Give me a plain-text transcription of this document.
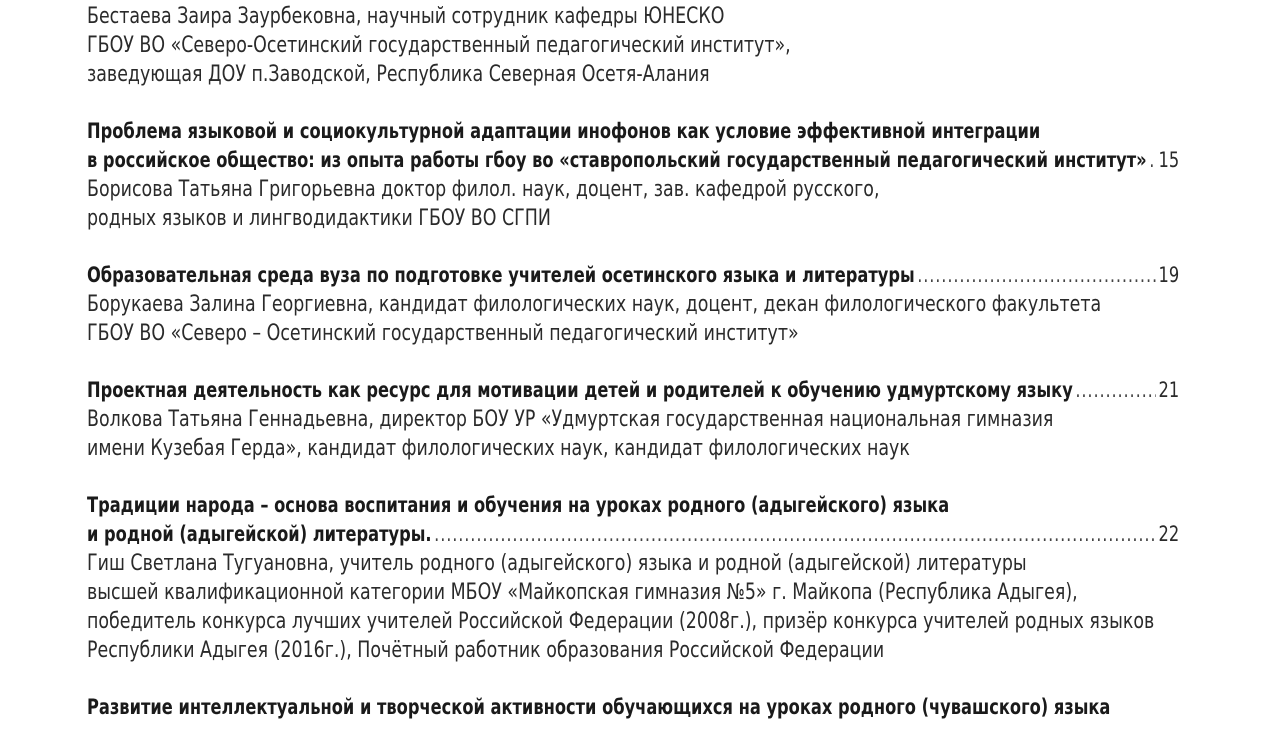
Бестаева Заира Заурбековна, научный сотрудник кафедры ЮНЕСКО
ГБОУ ВО «Северо-Осетинский государственный педагогический институт»,
заведующая ДОУ п.Заводской, Республика Северная Осетя-Алания
Проблема языковой и социокультурной адаптации инофонов как условие эффективной интеграции
в российское общество: из опыта работы гбоу во «ставропольский государственный педагогический институт» ..... 15
Борисова Татьяна Григорьевна доктор филол. наук, доцент, зав. кафедрой русского,
родных языков и лингводидактики ГБОУ ВО СГПИ
Образовательная среда вуза по подготовке учителей осетинского языка и литературы .....	19
Борукаева Залина Георгиевна, кандидат филологических наук, доцент, декан филологического факультета
ГБОУ ВО «Северо – Осетинский государственный педагогический институт»
Проектная деятельность как ресурс для мотивации детей и родителей к обучению удмуртскому языку .....	21
Волкова Татьяна Геннадьевна, директор БОУ УР «Удмуртская государственная национальная гимназия
имени Кузебая Герда», кандидат филологических наук, кандидат филологических наук
Традиции народа – основа воспитания и обучения на уроках родного (адыгейского) языка
и родной (адыгейской) литературы. .....	22
Гиш Светлана Тугуановна, учитель родного (адыгейского) языка и родной (адыгейской) литературы
высшей квалификационной категории МБОУ «Майкопская гимназия №5» г. Майкопа (Республика Адыгея),
победитель конкурса лучших учителей Российской Федерации (2008г.), призёр конкурса учителей родных языков
Республики Адыгея (2016г.), Почётный работник образования Российской Федерации
Развитие интеллектуальной и творческой активности обучающихся на уроках родного (чувашского) языка
